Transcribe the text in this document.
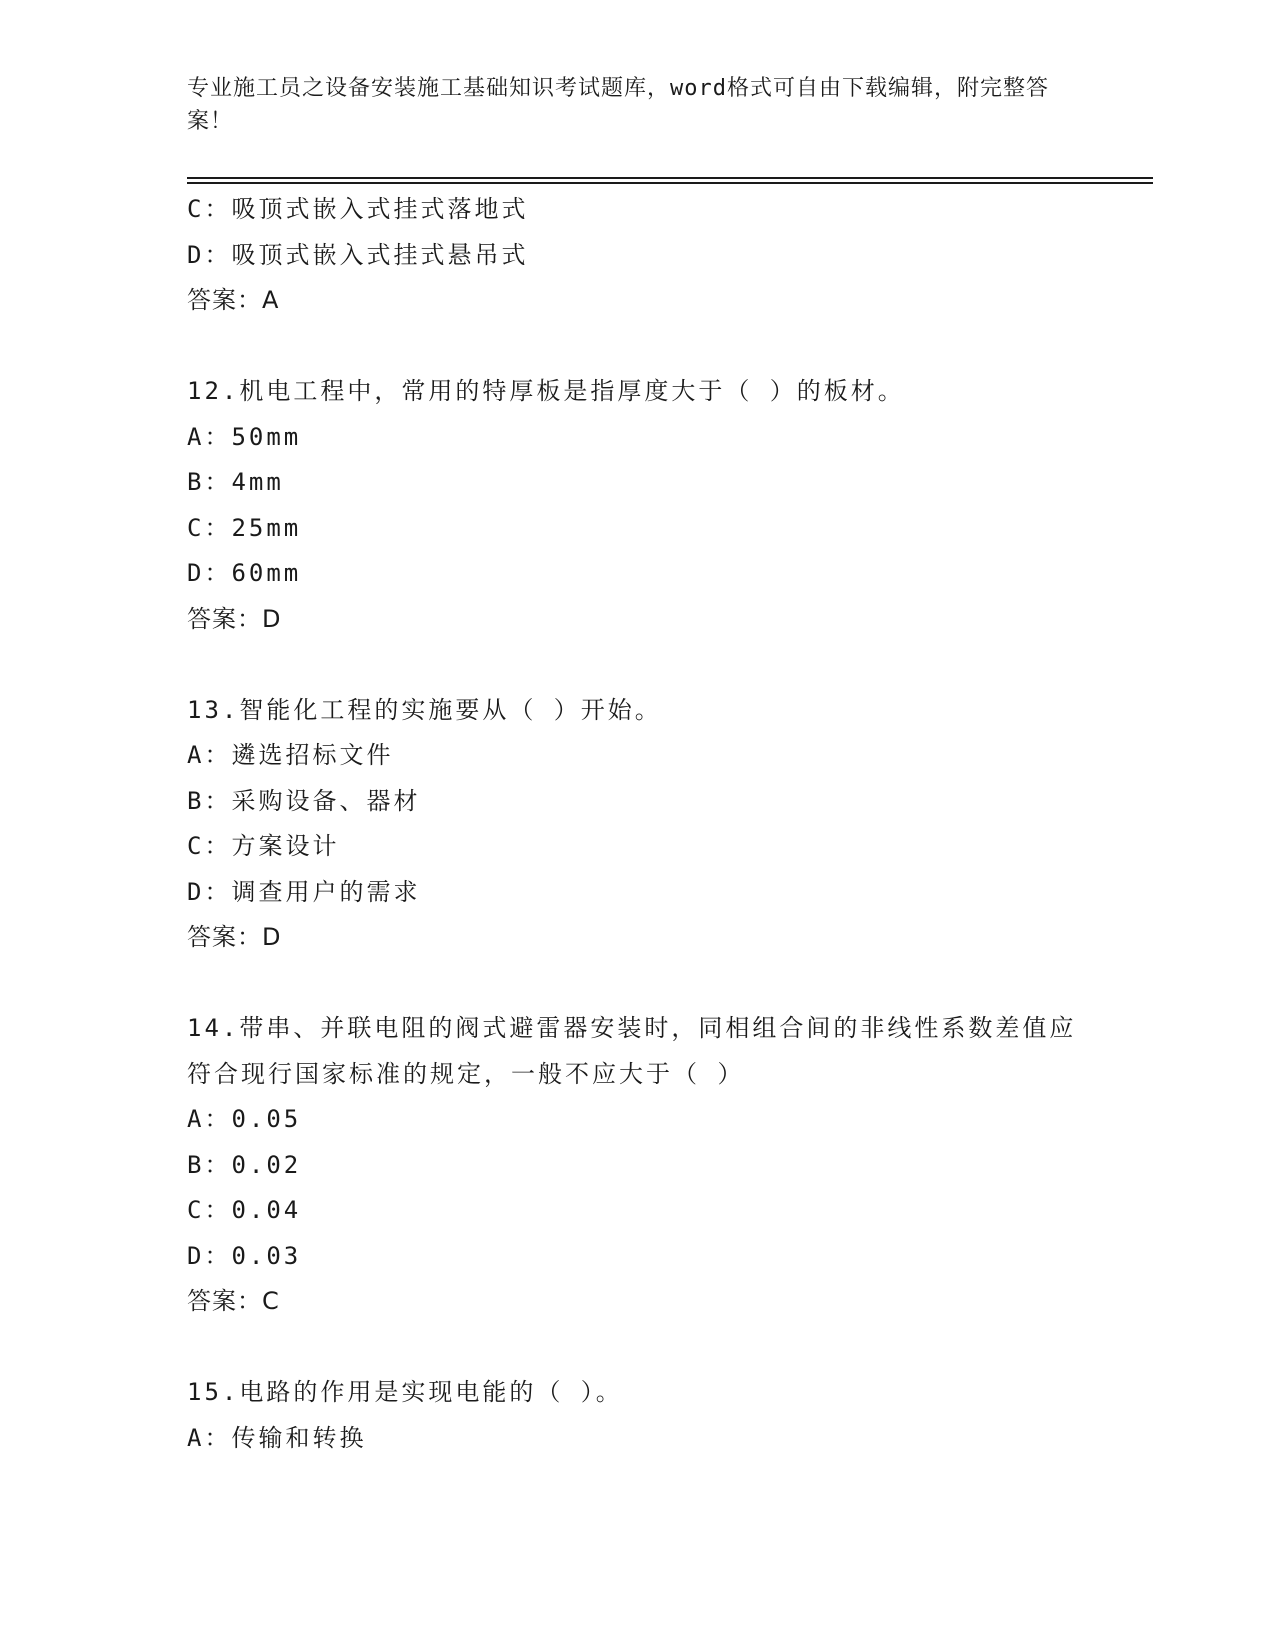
专业施工员之设备安装施工基础知识考试题库，word格式可自由下载编辑，附完整答案！
C：吸顶式嵌入式挂式落地式
D：吸顶式嵌入式挂式悬吊式
答案：A
12.机电工程中，常用的特厚板是指厚度大于（ ）的板材。
A：50mm
B：4mm
C：25mm
D：60mm
答案：D
13.智能化工程的实施要从（ ）开始。
A：遴选招标文件
B：采购设备、器材
C：方案设计
D：调查用户的需求
答案：D
14.带串、并联电阻的阀式避雷器安装时，同相组合间的非线性系数差值应符合现行国家标准的规定，一般不应大于（ ）
A：0.05
B：0.02
C：0.04
D：0.03
答案：C
15.电路的作用是实现电能的（ ）。
A：传输和转换
